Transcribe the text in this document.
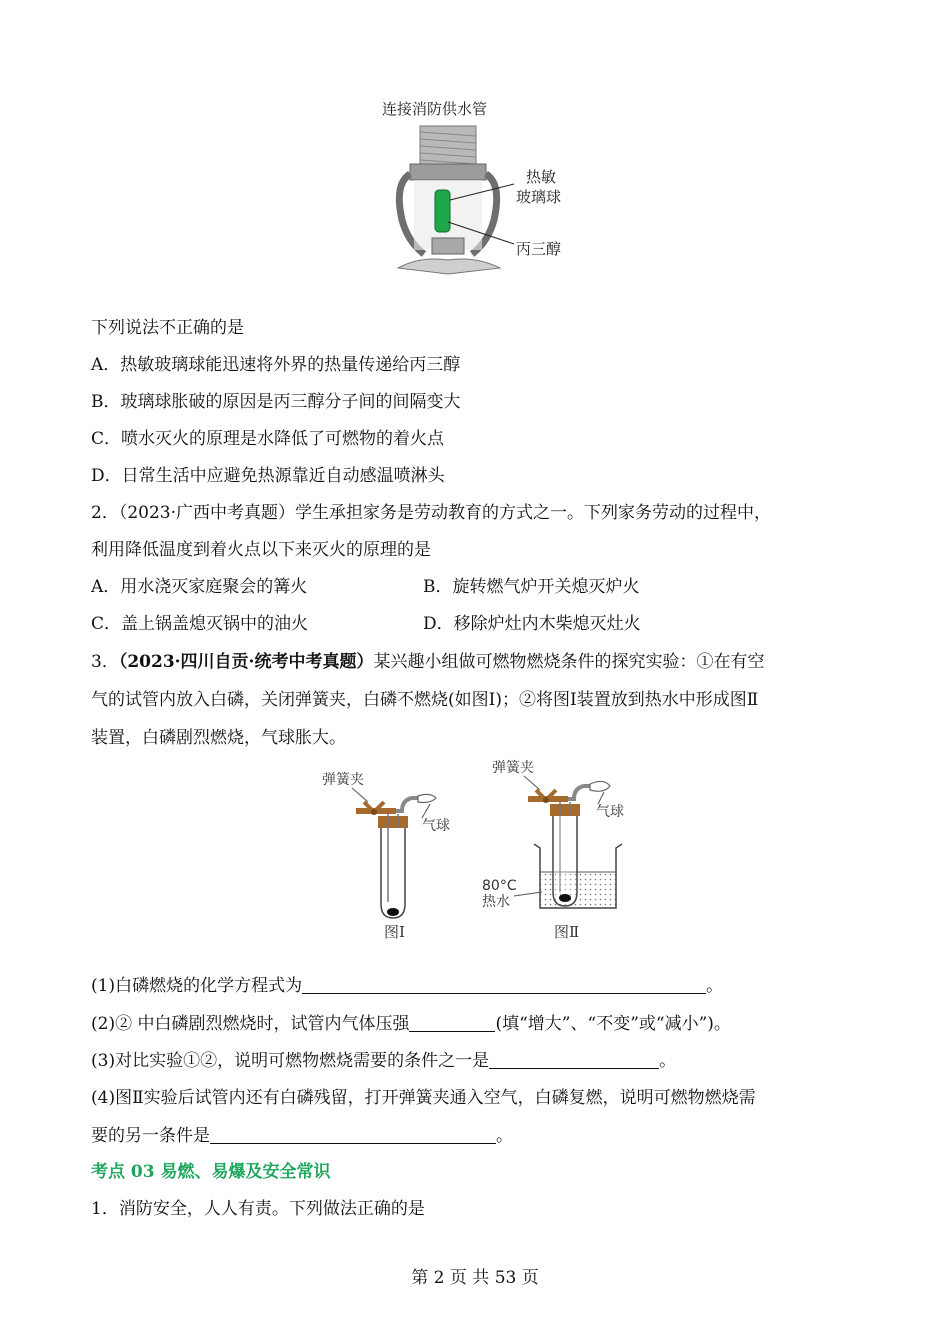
连接消防供水管
热敏
玻璃球
丙三醇
下列说法不正确的是
A．热敏玻璃球能迅速将外界的热量传递给丙三醇
B．玻璃球胀破的原因是丙三醇分子间的间隔变大
C．喷水灭火的原理是水降低了可燃物的着火点
D．日常生活中应避免热源靠近自动感温喷淋头
2．（2023·广西中考真题）学生承担家务是劳动教育的方式之一。下列家务劳动的过程中，
利用降低温度到着火点以下来灭火的原理的是
A．用水浇灭家庭聚会的篝火	B．旋转燃气炉开关熄灭炉火
C．盖上锅盖熄灭锅中的油火	D．移除炉灶内木柴熄灭灶火
3．（2023·四川自贡·统考中考真题）某兴趣小组做可燃物燃烧条件的探究实验：①在有空
气的试管内放入白磷，关闭弹簧夹，白磷不燃烧(如图Ⅰ)；②将图Ⅰ装置放到热水中形成图Ⅱ
装置，白磷剧烈燃烧，气球胀大。
弹簧夹
气球
图Ⅰ
弹簧夹
气球
80°C
热水
图Ⅱ
(1)白磷燃烧的化学方程式为	。
(2)② 中白磷剧烈燃烧时，试管内气体压强	(填“增大”、“不变”或“减小”)。
(3)对比实验①②，说明可燃物燃烧需要的条件之一是	。
(4)图Ⅱ实验后试管内还有白磷残留，打开弹簧夹通入空气，白磷复燃，说明可燃物燃烧需
要的另一条件是	。
考点 03 易燃、易爆及安全常识
1．消防安全，人人有责。下列做法正确的是
第 2 页 共 53 页
